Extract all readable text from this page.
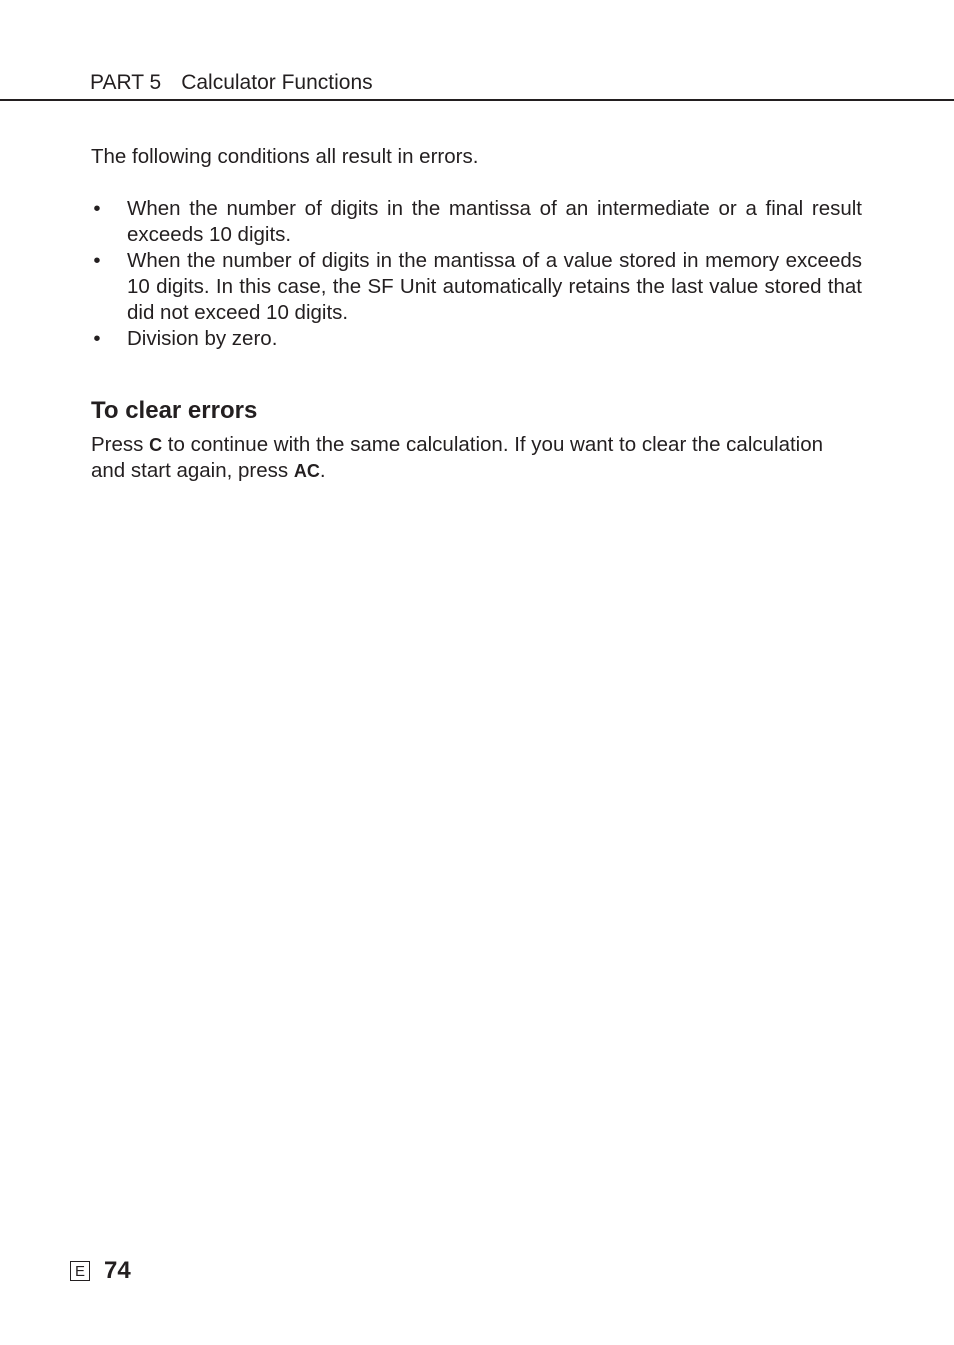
PART 5 Calculator Functions

The following conditions all result in errors.

• When the number of digits in the mantissa of an intermediate or a final result exceeds 10 digits.
• When the number of digits in the mantissa of a value stored in memory exceeds 10 digits. In this case, the SF Unit automatically retains the last value stored that did not exceed 10 digits.
• Division by zero.
To clear errors

Press C to continue with the same calculation. If you want to clear the calculation and start again, press AC.

E 74
